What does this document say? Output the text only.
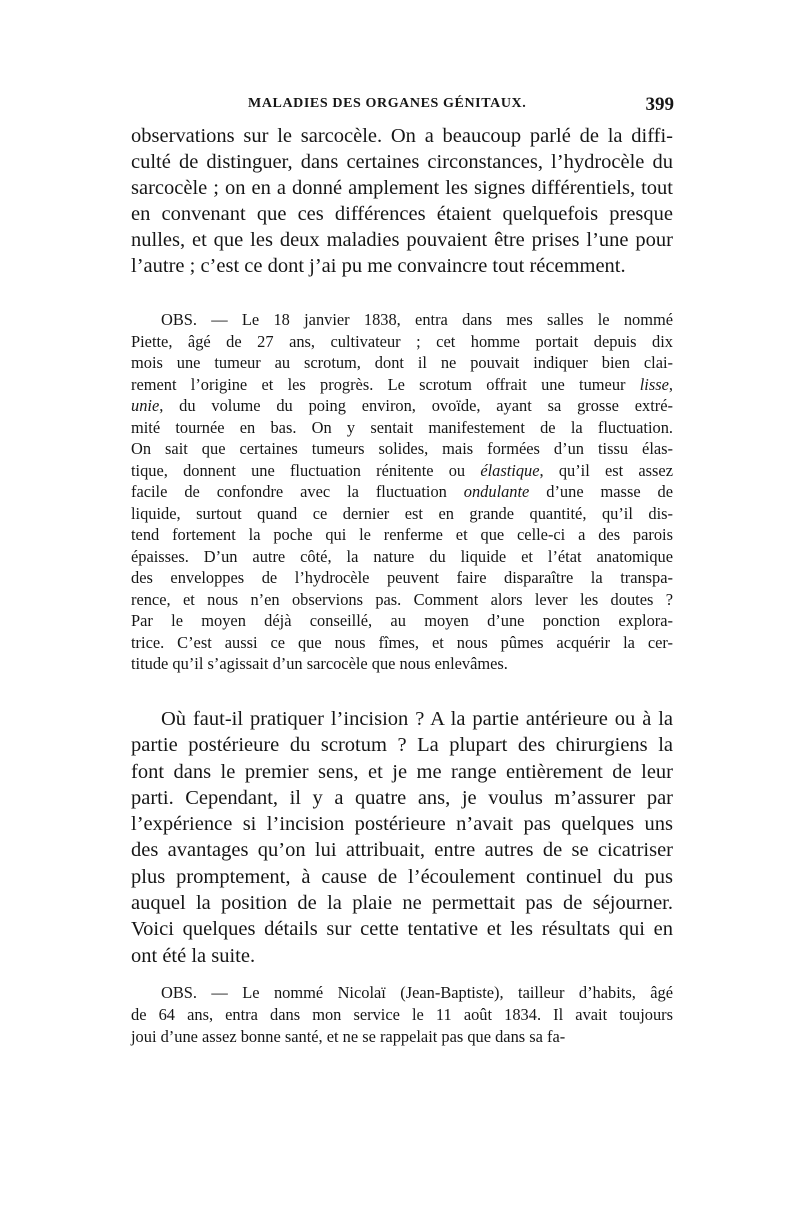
MALADIES DES ORGANES GÉNITAUX.	399
observations sur le sarcocèle. On a beaucoup parlé de la diffi-
culté de distinguer, dans certaines circonstances, l’hydrocèle du
sarcocèle ; on en a donné amplement les signes différentiels, tout
en convenant que ces différences étaient quelquefois presque
nulles, et que les deux maladies pouvaient être prises l’une pour
l’autre ; c’est ce dont j’ai pu me convaincre tout récemment.
OBS. — Le 18 janvier 1838, entra dans mes salles le nommé
Piette, âgé de 27 ans, cultivateur ; cet homme portait depuis dix
mois une tumeur au scrotum, dont il ne pouvait indiquer bien clai-
rement l’origine et les progrès. Le scrotum offrait une tumeur lisse,
unie, du volume du poing environ, ovoïde, ayant sa grosse extré-
mité tournée en bas. On y sentait manifestement de la fluctuation.
On sait que certaines tumeurs solides, mais formées d’un tissu élas-
tique, donnent une fluctuation rénitente ou élastique, qu’il est assez
facile de confondre avec la fluctuation ondulante d’une masse de
liquide, surtout quand ce dernier est en grande quantité, qu’il dis-
tend fortement la poche qui le renferme et que celle-ci a des parois
épaisses. D’un autre côté, la nature du liquide et l’état anatomique
des enveloppes de l’hydrocèle peuvent faire disparaître la transpa-
rence, et nous n’en observions pas. Comment alors lever les doutes ?
Par le moyen déjà conseillé, au moyen d’une ponction explora-
trice. C’est aussi ce que nous fîmes, et nous pûmes acquérir la cer-
titude qu’il s’agissait d’un sarcocèle que nous enlevâmes.
Où faut-il pratiquer l’incision ? A la partie antérieure ou à la
partie postérieure du scrotum ? La plupart des chirurgiens la
font dans le premier sens, et je me range entièrement de leur
parti. Cependant, il y a quatre ans, je voulus m’assurer par
l’expérience si l’incision postérieure n’avait pas quelques uns
des avantages qu’on lui attribuait, entre autres de se cicatriser
plus promptement, à cause de l’écoulement continuel du pus
auquel la position de la plaie ne permettait pas de séjourner.
Voici quelques détails sur cette tentative et les résultats qui en
ont été la suite.
OBS. — Le nommé Nicolaï (Jean-Baptiste), tailleur d’habits, âgé
de 64 ans, entra dans mon service le 11 août 1834. Il avait toujours
joui d’une assez bonne santé, et ne se rappelait pas que dans sa fa-
